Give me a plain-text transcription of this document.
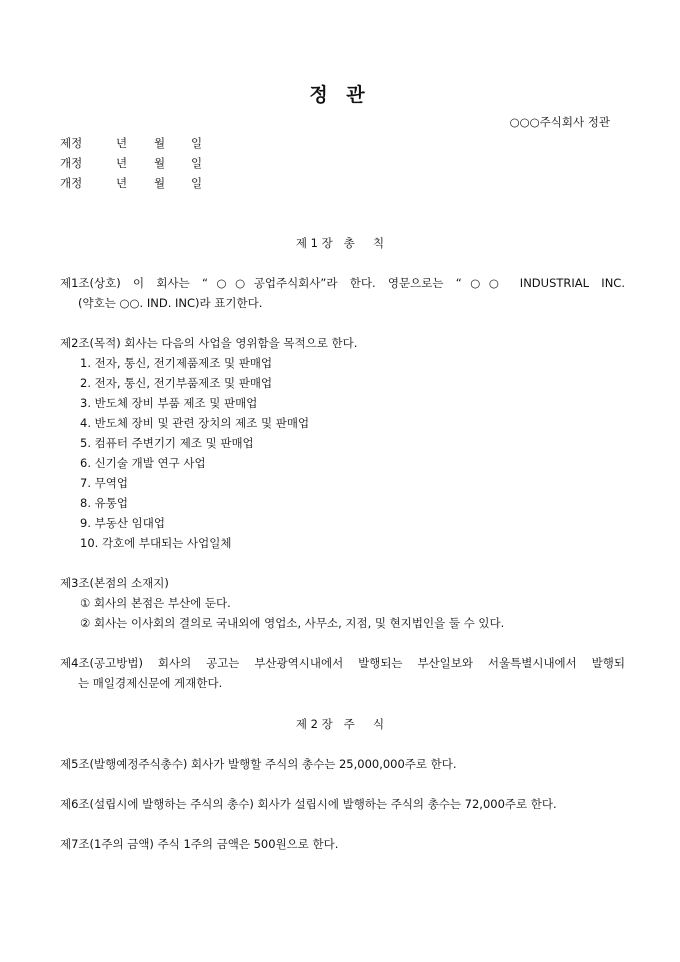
정 관
○○○주식회사 정관
제정	년 월 일
개정	년 월 일
개정	년 월 일
제 1 장   총     칙
제1조(상호) 이 회사는 “○○공업주식회사”라 한다. 영문으로는 “○○ INDUSTRIAL INC.
(약호는 ○○. IND. INC)라 표기한다.
제2조(목적) 회사는 다음의 사업을 영위함을 목적으로 한다.
1. 전자, 통신, 전기제품제조 및 판매업
2. 전자, 통신, 전기부품제조 및 판매업
3. 반도체 장비 부품 제조 및 판매업
4. 반도체 장비 및 관련 장치의 제조 및 판매업
5. 컴퓨터 주변기기 제조 및 판매업
6. 신기술 개발 연구 사업
7. 무역업
8. 유통업
9. 부동산 임대업
10. 각호에 부대되는 사업일체
제3조(본점의 소재지)
① 회사의 본점은 부산에 둔다.
② 회사는 이사회의 결의로 국내외에 영업소, 사무소, 지점, 및 현지법인을 둘 수 있다.
제4조(공고방법) 회사의 공고는 부산광역시내에서 발행되는 부산일보와 서울특별시내에서 발행되
는 매일경제신문에 게재한다.
제 2 장   주     식
제5조(발행예정주식총수) 회사가 발행할 주식의 총수는 25,000,000주로 한다.
제6조(설립시에 발행하는 주식의 총수) 회사가 설립시에 발행하는 주식의 총수는 72,000주로 한다.
제7조(1주의 금액) 주식 1주의 금액은 500원으로 한다.
